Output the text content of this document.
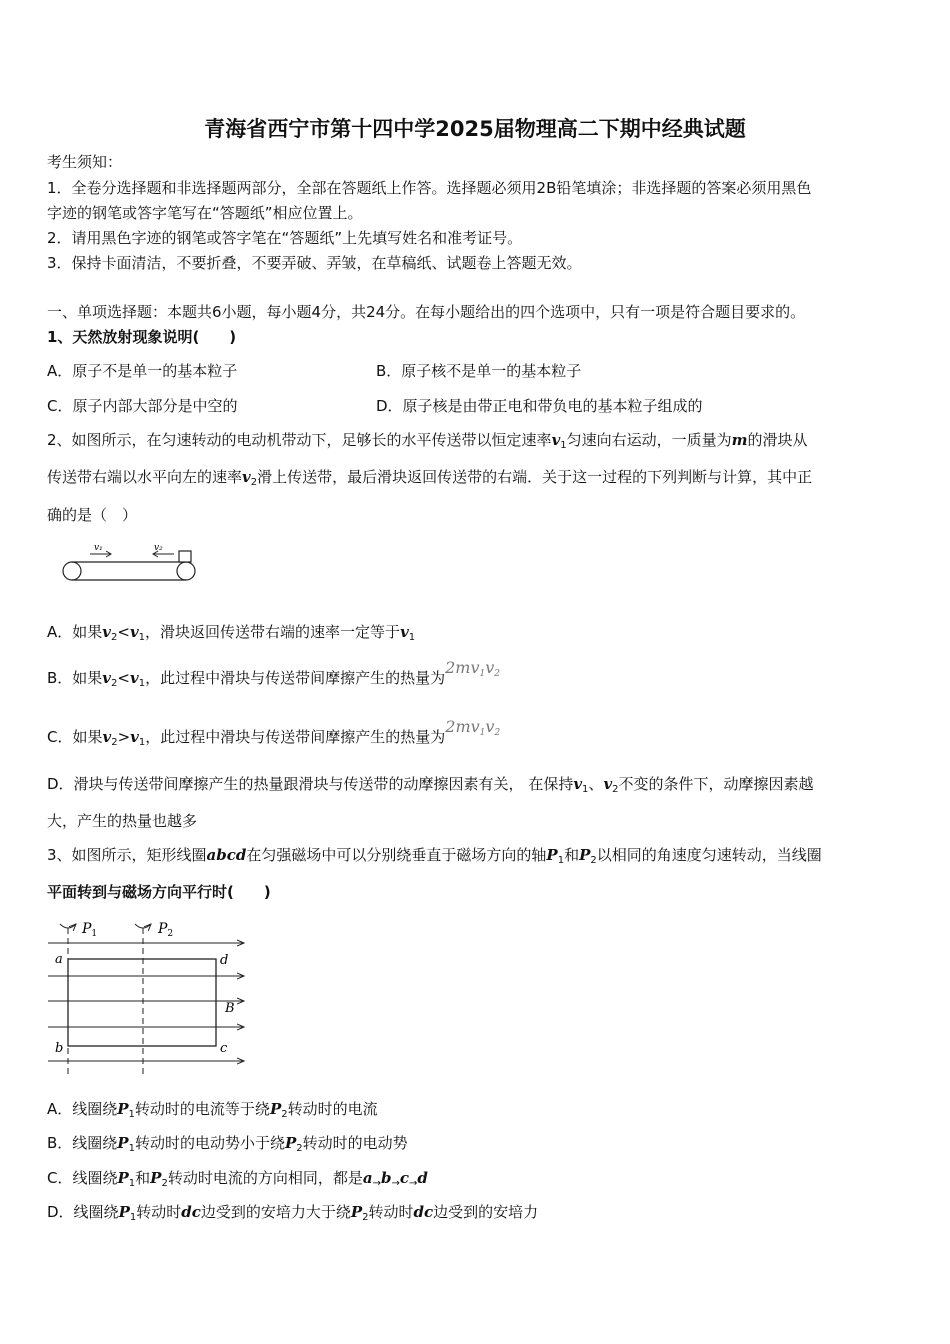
青海省西宁市第十四中学2025届物理高二下期中经典试题
考生须知：
1．全卷分选择题和非选择题两部分，全部在答题纸上作答。选择题必须用2B铅笔填涂；非选择题的答案必须用黑色
字迹的钢笔或答字笔写在“答题纸”相应位置上。
2．请用黑色字迹的钢笔或答字笔在“答题纸”上先填写姓名和准考证号。
3．保持卡面清洁，不要折叠，不要弄破、弄皱，在草稿纸、试题卷上答题无效。
一、单项选择题：本题共6小题，每小题4分，共24分。在每小题给出的四个选项中，只有一项是符合题目要求的。
1、天然放射现象说明(　　)
A．原子不是单一的基本粒子	B．原子核不是单一的基本粒子
C．原子内部大部分是中空的	D．原子核是由带正电和带负电的基本粒子组成的
2、如图所示，在匀速转动的电动机带动下，足够长的水平传送带以恒定速率$v_1$匀速向右运动，一质量为m的滑块从
传送带右端以水平向左的速率$v_2$滑上传送带，最后滑块返回传送带的右端．关于这一过程的下列判断与计算，其中正
确的是（　）
v₁	v₂
A．如果$v_2<v_1$，滑块返回传送带右端的速率一定等于$v_1$
B．如果$v_2<v_1$，此过程中滑块与传送带间摩擦产生的热量为$2mv_1v_2$
C．如果$v_2>v_1$，此过程中滑块与传送带间摩擦产生的热量为$2mv_1v_2$
D．滑块与传送带间摩擦产生的热量跟滑块与传送带的动摩擦因素有关， 在保持$v_1$、$v_2$不变的条件下，动摩擦因素越
大，产生的热量也越多
3、如图所示，矩形线圈abcd在匀强磁场中可以分别绕垂直于磁场方向的轴$P_1$和$P_2$以相同的角速度匀速转动，当线圈
平面转到与磁场方向平行时(　　)
$P_1$	$P_2$
a	d
b	c
B
A．线圈绕$P_1$转动时的电流等于绕$P_2$转动时的电流
B．线圈绕$P_1$转动时的电动势小于绕$P_2$转动时的电动势
C．线圈绕$P_1$和$P_2$转动时电流的方向相同，都是$a_\to b_\to c_\to d$
D．线圈绕$P_1$转动时dc边受到的安培力大于绕$P_2$转动时dc边受到的安培力
